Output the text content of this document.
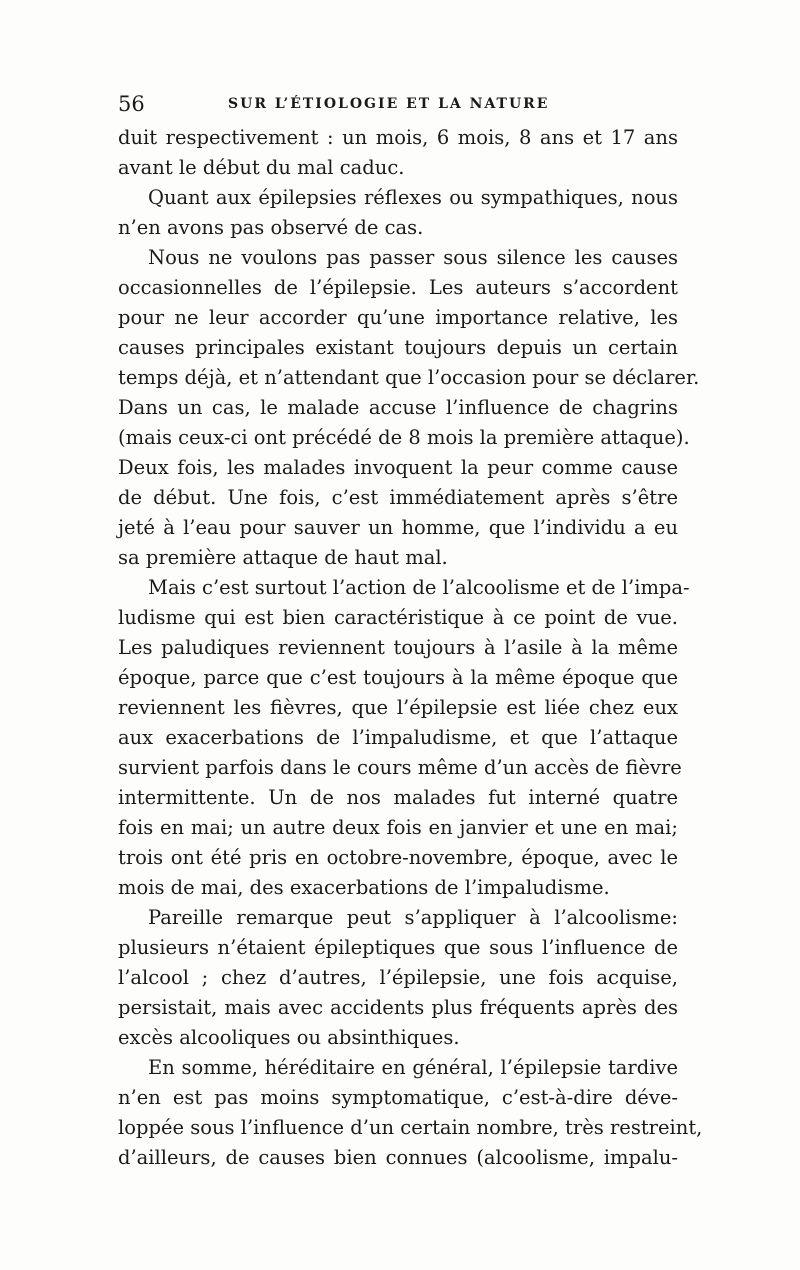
56	SUR L’ÉTIOLOGIE ET LA NATURE

duit respectivement : un mois, 6 mois, 8 ans et 17 ans
avant le début du mal caduc.

Quant aux épilepsies réflexes ou sympathiques, nous
n’en avons pas observé de cas.

Nous ne voulons pas passer sous silence les causes
occasionnelles de l’épilepsie. Les auteurs s’accordent
pour ne leur accorder qu’une importance relative, les
causes principales existant toujours depuis un certain
temps déjà, et n’attendant que l’occasion pour se déclarer.
Dans un cas, le malade accuse l’influence de chagrins
(mais ceux-ci ont précédé de 8 mois la première attaque).
Deux fois, les malades invoquent la peur comme cause
de début. Une fois, c’est immédiatement après s’être
jeté à l’eau pour sauver un homme, que l’individu a eu
sa première attaque de haut mal.

Mais c’est surtout l’action de l’alcoolisme et de l’impa-
ludisme qui est bien caractéristique à ce point de vue.
Les paludiques reviennent toujours à l’asile à la même
époque, parce que c’est toujours à la même époque que
reviennent les fièvres, que l’épilepsie est liée chez eux
aux exacerbations de l’impaludisme, et que l’attaque
survient parfois dans le cours même d’un accès de fièvre
intermittente. Un de nos malades fut interné quatre
fois en mai; un autre deux fois en janvier et une en mai;
trois ont été pris en octobre-novembre, époque, avec le
mois de mai, des exacerbations de l’impaludisme.

Pareille remarque peut s’appliquer à l’alcoolisme:
plusieurs n’étaient épileptiques que sous l’influence de
l’alcool ; chez d’autres, l’épilepsie, une fois acquise,
persistait, mais avec accidents plus fréquents après des
excès alcooliques ou absinthiques.

En somme, héréditaire en général, l’épilepsie tardive
n’en est pas moins symptomatique, c’est-à-dire déve-
loppée sous l’influence d’un certain nombre, très restreint,
d’ailleurs, de causes bien connues (alcoolisme, impalu-
